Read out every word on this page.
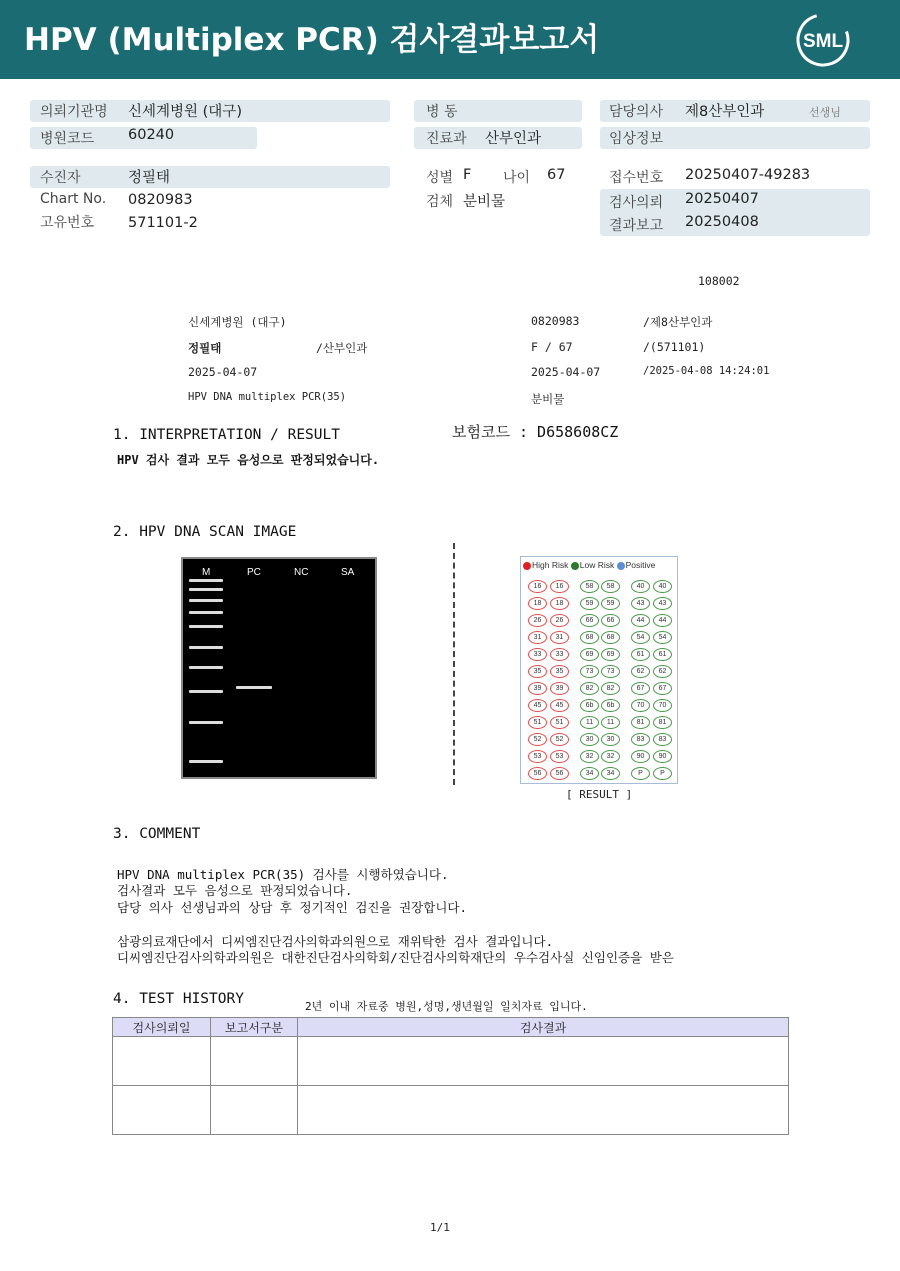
HPV (Multiplex PCR) 검사결과보고서	SML
의뢰기관명 신세계병원 (대구)
병원코드 60240
수진자	정필태
Chart No. 0820983
고유번호 571101-2
병 동
진료과 산부인과
성별 F 나이 67
검체 분비물
담당의사 제8산부인과	선생님
임상정보
접수번호 20250407-49283
검사의뢰 20250407
결과보고 20250408
108002
신세계병원 (대구)	0820983	/제8산부인과
정필태	/산부인과	F / 67	/(571101)
2025-04-07	2025-04-07	/2025-04-08 14:24:01
HPV DNA multiplex PCR(35)	분비물
1. INTERPRETATION / RESULT	보험코드 : D658608CZ
HPV 검사 결과 모두 음성으로 판정되었습니다.
2. HPV DNA SCAN IMAGE
M	PC	NC	SA
High Risk Low Risk Positive
16	16	58	58	40	40
18	18	59	59	43	43
26	26	66	66	44	44
31	31	68	68	54	54
33	33	69	69	61	61
35	35	73	73	62	62
39	39	82	82	67	67
45	45	6b	6b	70	70
51	51	11	11	81	81
52	52	30	30	83	83
53	53	32	32	90	90
56	56	34	34	P	P
[ RESULT ]
3. COMMENT
HPV DNA multiplex PCR(35) 검사를 시행하였습니다.
검사결과 모두 음성으로 판정되었습니다.
담당 의사 선생님과의 상담 후 정기적인 검진을 권장합니다.
삼광의료재단에서 디씨엠진단검사의학과의원으로 재위탁한 검사 결과입니다.
디씨엠진단검사의학과의원은 대한진단검사의학회/진단검사의학재단의 우수검사실 신임인증을 받은
4. TEST HISTORY	2년 이내 자료중 병원,성명,생년월일 일치자료 입니다.
검사의뢰일	보고서구분	검사결과

1/1
